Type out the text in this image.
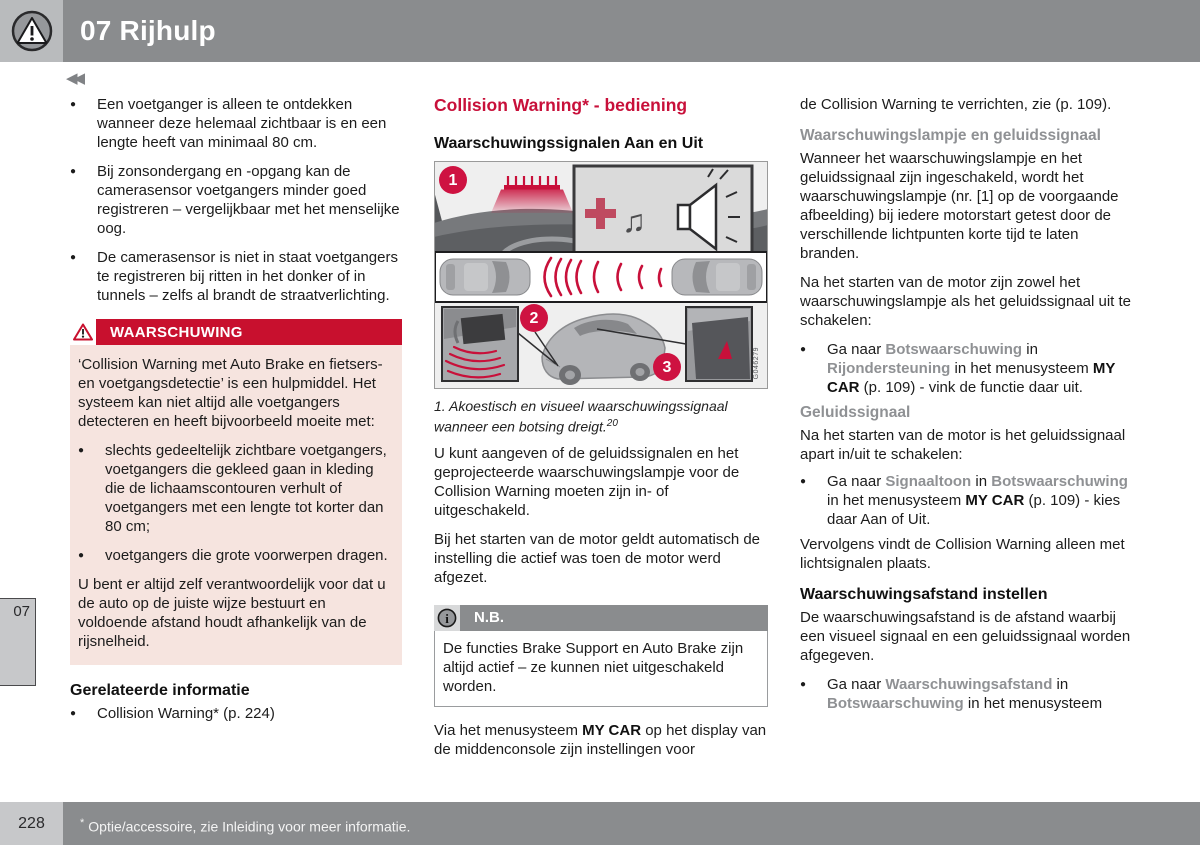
07 Rijhulp
◀◀
● Een voetganger is alleen te ontdekken wanneer deze helemaal zichtbaar is en een lengte heeft van minimaal 80 cm.
● Bij zonsondergang en -opgang kan de camerasensor voetgangers minder goed registreren – vergelijkbaar met het menselijke oog.
● De camerasensor is niet in staat voetgangers te registreren bij ritten in het donker of in tunnels – zelfs al brandt de straatverlichting.
WAARSCHUWING

‘Collision Warning met Auto Brake en fietsers- en voetgangsdetectie’ is een hulpmiddel. Het systeem kan niet altijd alle voetgangers detecteren en heeft bijvoorbeeld moeite met:

● slechts gedeeltelijk zichtbare voetgangers, voetgangers die gekleed gaan in kleding die de lichaamscontouren verhult of voetgangers met een lengte tot korter dan 80 cm;
● voetgangers die grote voorwerpen dragen.

U bent er altijd zelf verantwoordelijk voor dat u de auto op de juiste wijze bestuurt en voldoende afstand houdt afhankelijk van de rijsnelheid.

Gerelateerde informatie
● Collision Warning* (p. 224)
Collision Warning* - bediening
Waarschuwingssignalen Aan en Uit
♫
1
2
3	G046279
1. Akoestisch en visueel waarschuwingssignaal wanneer een botsing dreigt.$^{20}$

U kunt aangeven of de geluidssignalen en het geprojecteerde waarschuwingslampje voor de Collision Warning moeten zijn in- of uitgeschakeld.

Bij het starten van de motor geldt automatisch de instelling die actief was toen de motor werd afgezet.

i N.B.
De functies Brake Support en Auto Brake zijn altijd actief – ze kunnen niet uitgeschakeld worden.

Via het menusysteem MY CAR op het display van de middenconsole zijn instellingen voor

de Collision Warning te verrichten, zie (p. 109).

Waarschuwingslampje en geluidssignaal

Wanneer het waarschuwingslampje en het geluidssignaal zijn ingeschakeld, wordt het waarschuwingslampje (nr. [1] op de voorgaande afbeelding) bij iedere motorstart getest door de verschillende lichtpunten korte tijd te laten branden.

Na het starten van de motor zijn zowel het waarschuwingslampje als het geluidssignaal uit te schakelen:

● Ga naar Botswaarschuwing in Rijondersteuning in het menusysteem MY CAR (p. 109) - vink de functie daar uit.
Geluidssignaal

Na het starten van de motor is het geluidssignaal apart in/uit te schakelen:

● Ga naar Signaaltoon in Botswaarschuwing in het menusysteem MY CAR (p. 109) - kies daar Aan of Uit.

Vervolgens vindt de Collision Warning alleen met lichtsignalen plaats.

Waarschuwingsafstand instellen

De waarschuwingsafstand is de afstand waarbij een visueel signaal en een geluidssignaal worden afgegeven.

● Ga naar Waarschuwingsafstand in Botswaarschuwing in het menusysteem
07
228	* Optie/accessoire, zie Inleiding voor meer informatie.
